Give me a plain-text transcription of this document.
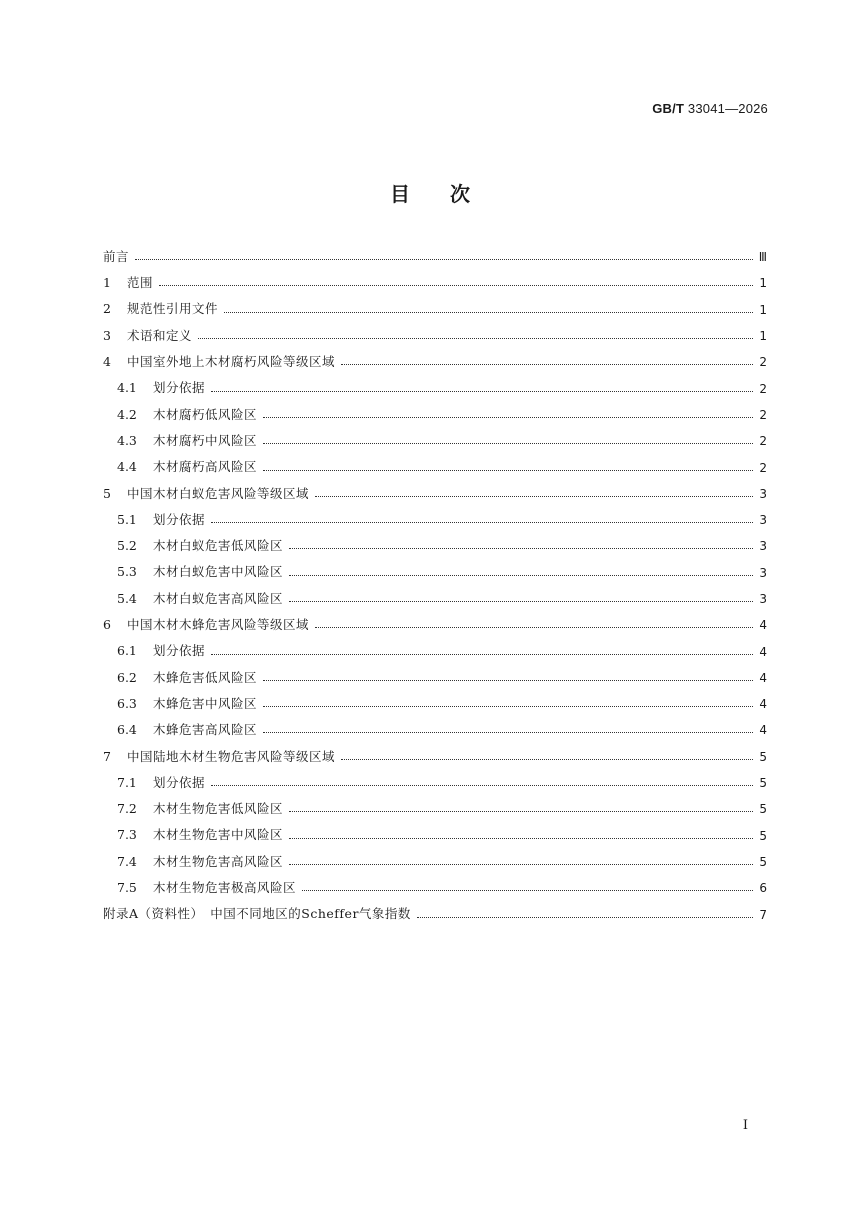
GB/T 33041—2026
目 次
前言	Ⅲ
1	范围	1
2	规范性引用文件	1
3	术语和定义	1
4	中国室外地上木材腐朽风险等级区域	2
4.1	划分依据	2
4.2	木材腐朽低风险区	2
4.3	木材腐朽中风险区	2
4.4	木材腐朽高风险区	2
5	中国木材白蚁危害风险等级区域	3
5.1	划分依据	3
5.2	木材白蚁危害低风险区	3
5.3	木材白蚁危害中风险区	3
5.4	木材白蚁危害高风险区	3
6	中国木材木蜂危害风险等级区域	4
6.1	划分依据	4
6.2	木蜂危害低风险区	4
6.3	木蜂危害中风险区	4
6.4	木蜂危害高风险区	4
7	中国陆地木材生物危害风险等级区域	5
7.1	划分依据	5
7.2	木材生物危害低风险区	5
7.3	木材生物危害中风险区	5
7.4	木材生物危害高风险区	5
7.5	木材生物危害极高风险区	6
附录A（资料性）　中国不同地区的Scheffer气象指数	7
I
